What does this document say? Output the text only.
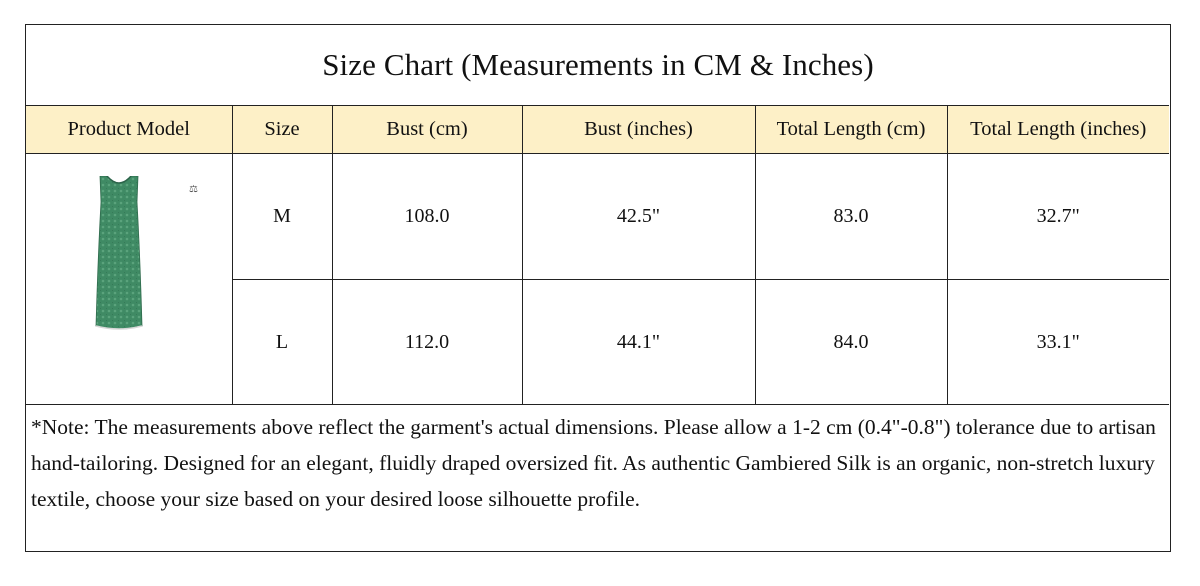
Size Chart (Measurements in CM & Inches)
Product Model	Size	Bust (cm)	Bust (inches)	Total Length (cm)	Total Length (inches)

⚖	M	108.0	42.5"	83.0	32.7"
	L	112.0	44.1"	84.0	33.1"
*Note: The measurements above reflect the garment's actual dimensions. Please allow a 1-2 cm (0.4"-0.8") tolerance due to artisan hand-tailoring. Designed for an elegant, fluidly draped oversized fit. As authentic Gambiered Silk is an organic, non-stretch luxury textile, choose your size based on your desired loose silhouette profile.
